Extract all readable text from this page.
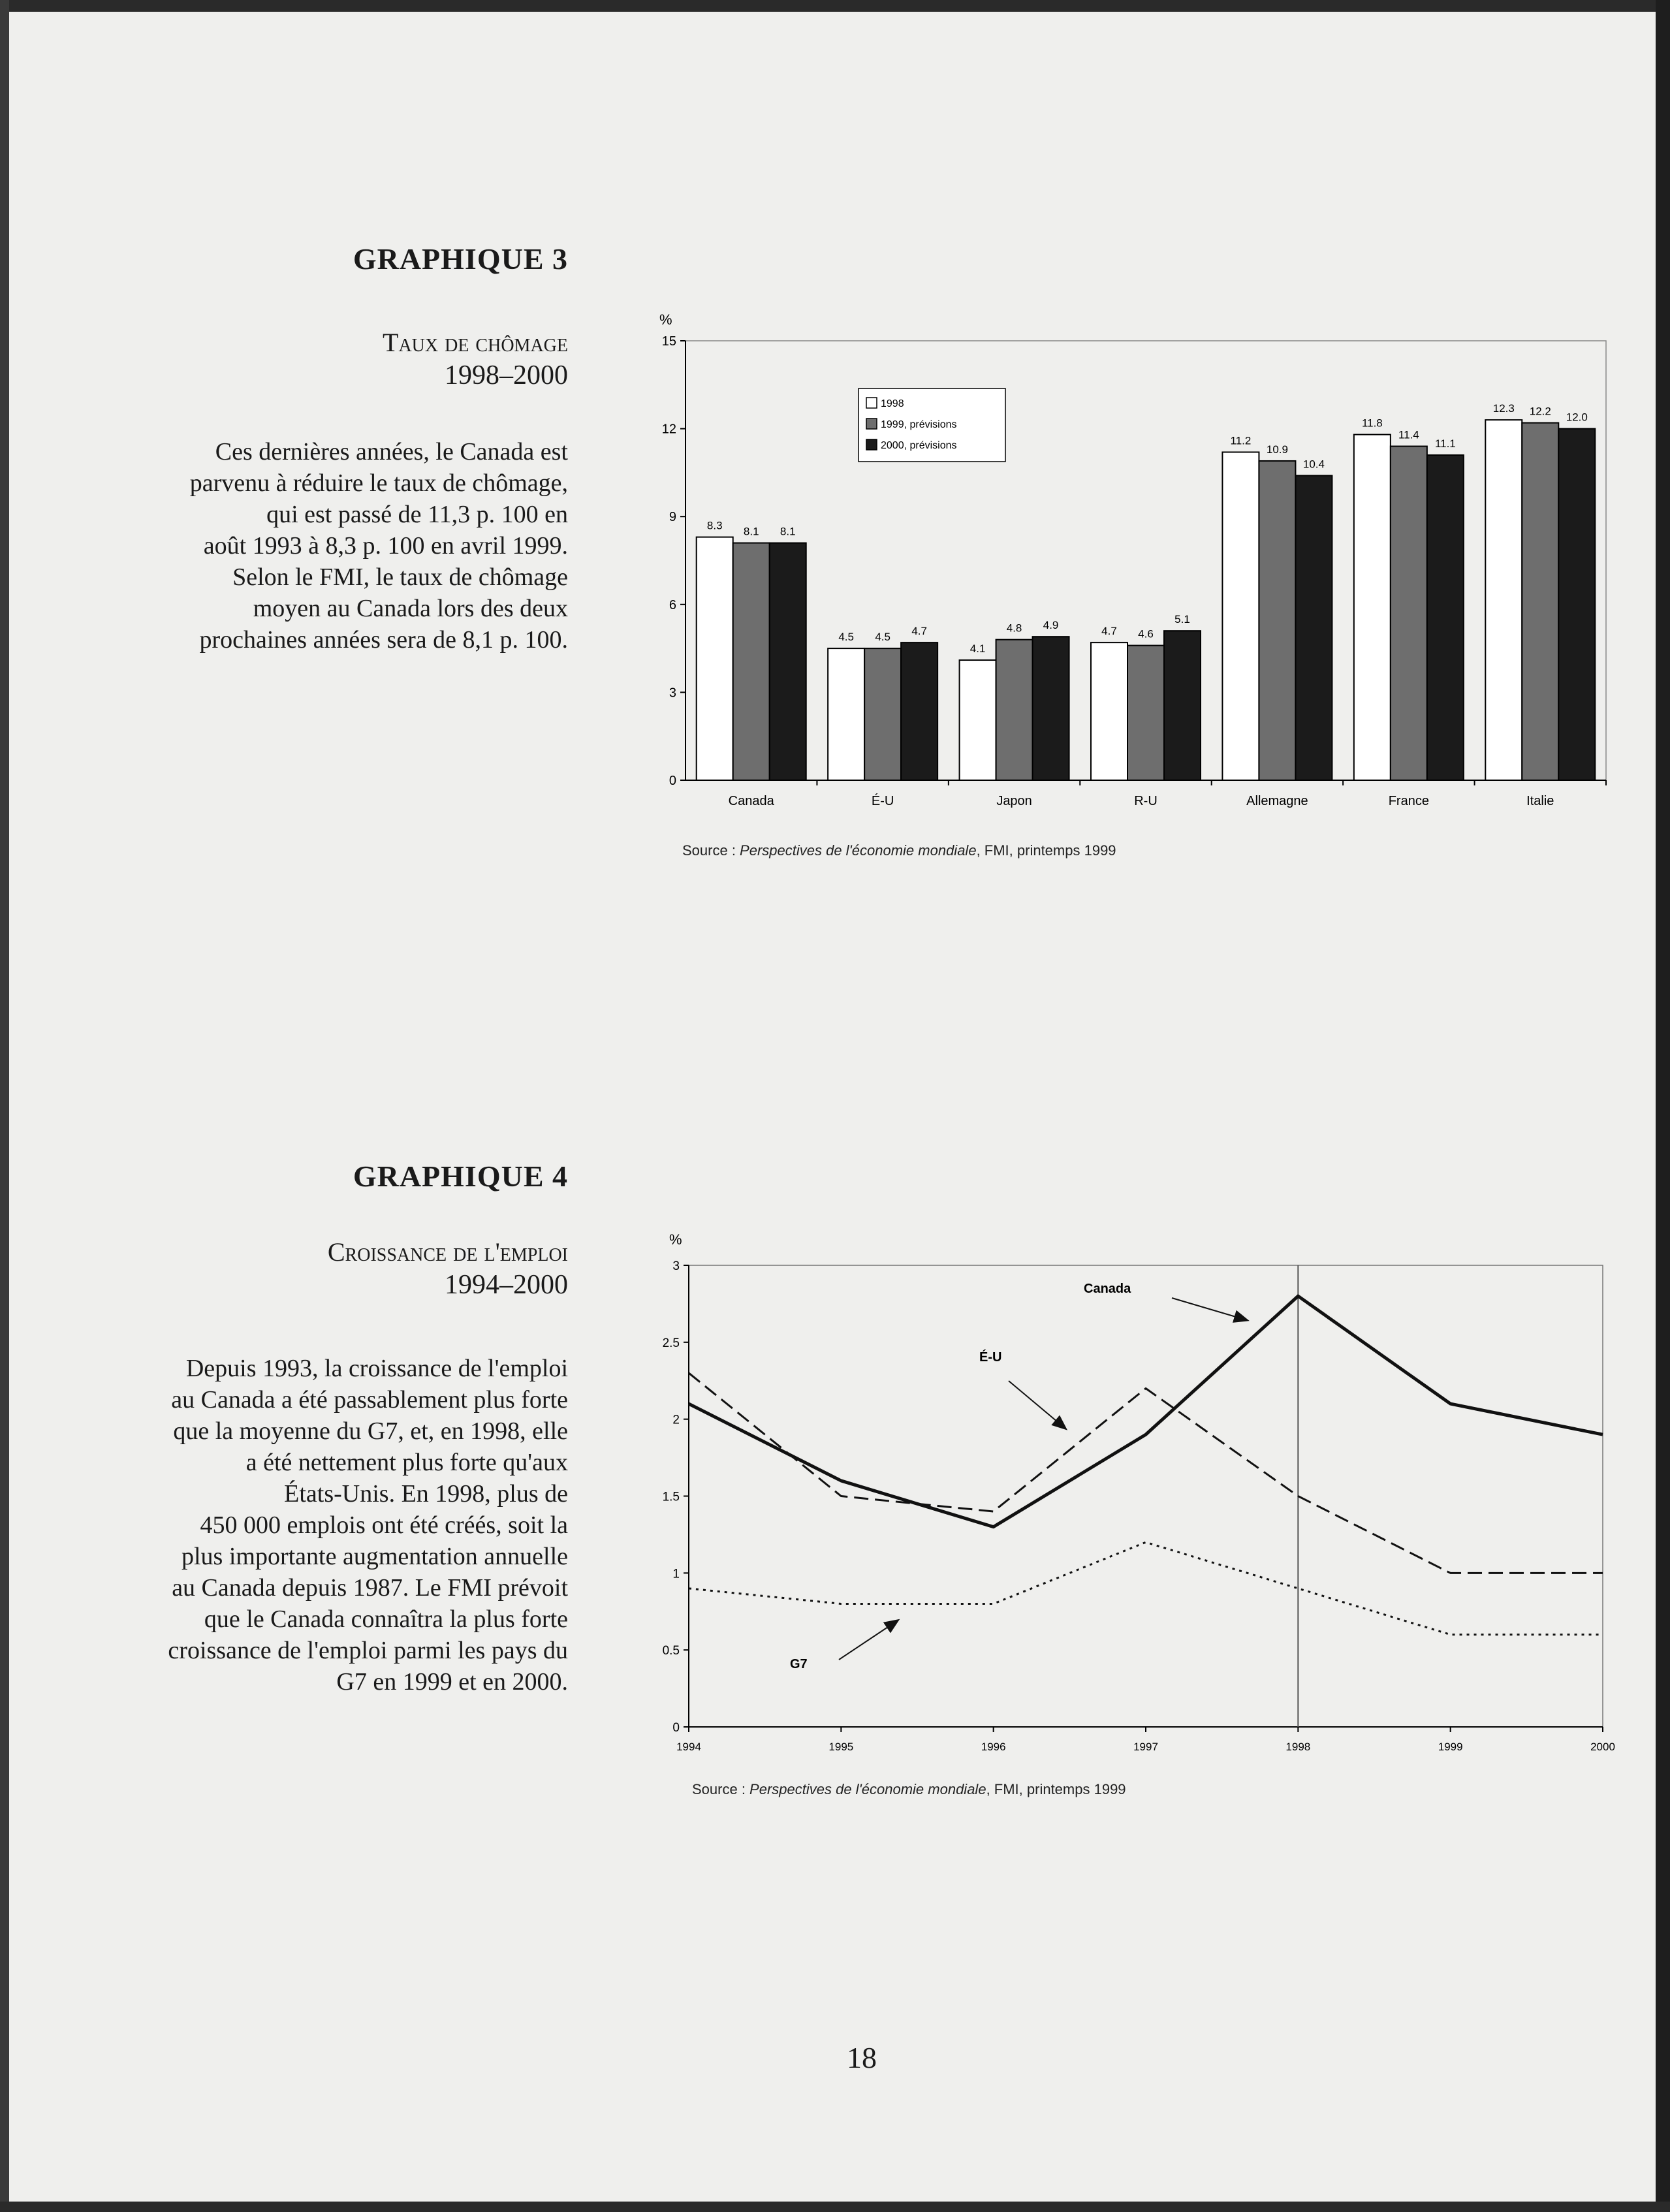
GRAPHIQUE 3
Taux de chômage
1998–2000
Ces dernières années, le Canada est
parvenu à réduire le taux de chômage,
qui est passé de 11,3 p. 100 en
août 1993 à 8,3 p. 100 en avril 1999.
Selon le FMI, le taux de chômage
moyen au Canada lors des deux
prochaines années sera de 8,1 p. 100.
%
0
3
6
9
12
15
Canada
8.3 8.1 8.1
É-U
4.5 4.5 4.7
Japon
4.1
4.8 4.9
R-U
4.7 4.6
5.1
Allemagne
11.2
10.9
10.4
France
11.8
11.4
11.1
Italie
12.3 12.2 12.0
1998
1999, prévisions
2000, prévisions
Source : Perspectives de l'économie mondiale, FMI, printemps 1999
GRAPHIQUE 4
Croissance de l'emploi
1994–2000
Depuis 1993, la croissance de l'emploi
au Canada a été passablement plus forte
que la moyenne du G7, et, en 1998, elle
a été nettement plus forte qu'aux
États-Unis. En 1998, plus de
450 000 emplois ont été créés, soit la
plus importante augmentation annuelle
au Canada depuis 1987. Le FMI prévoit
que le Canada connaîtra la plus forte
croissance de l'emploi parmi les pays du
G7 en 1999 et en 2000.
%
0
0.5
1
1.5
2
2.5
3
1994	1995	1996	1997	1998	1999	2000
Canada
É-U
G7
Source : Perspectives de l'économie mondiale, FMI, printemps 1999
18
